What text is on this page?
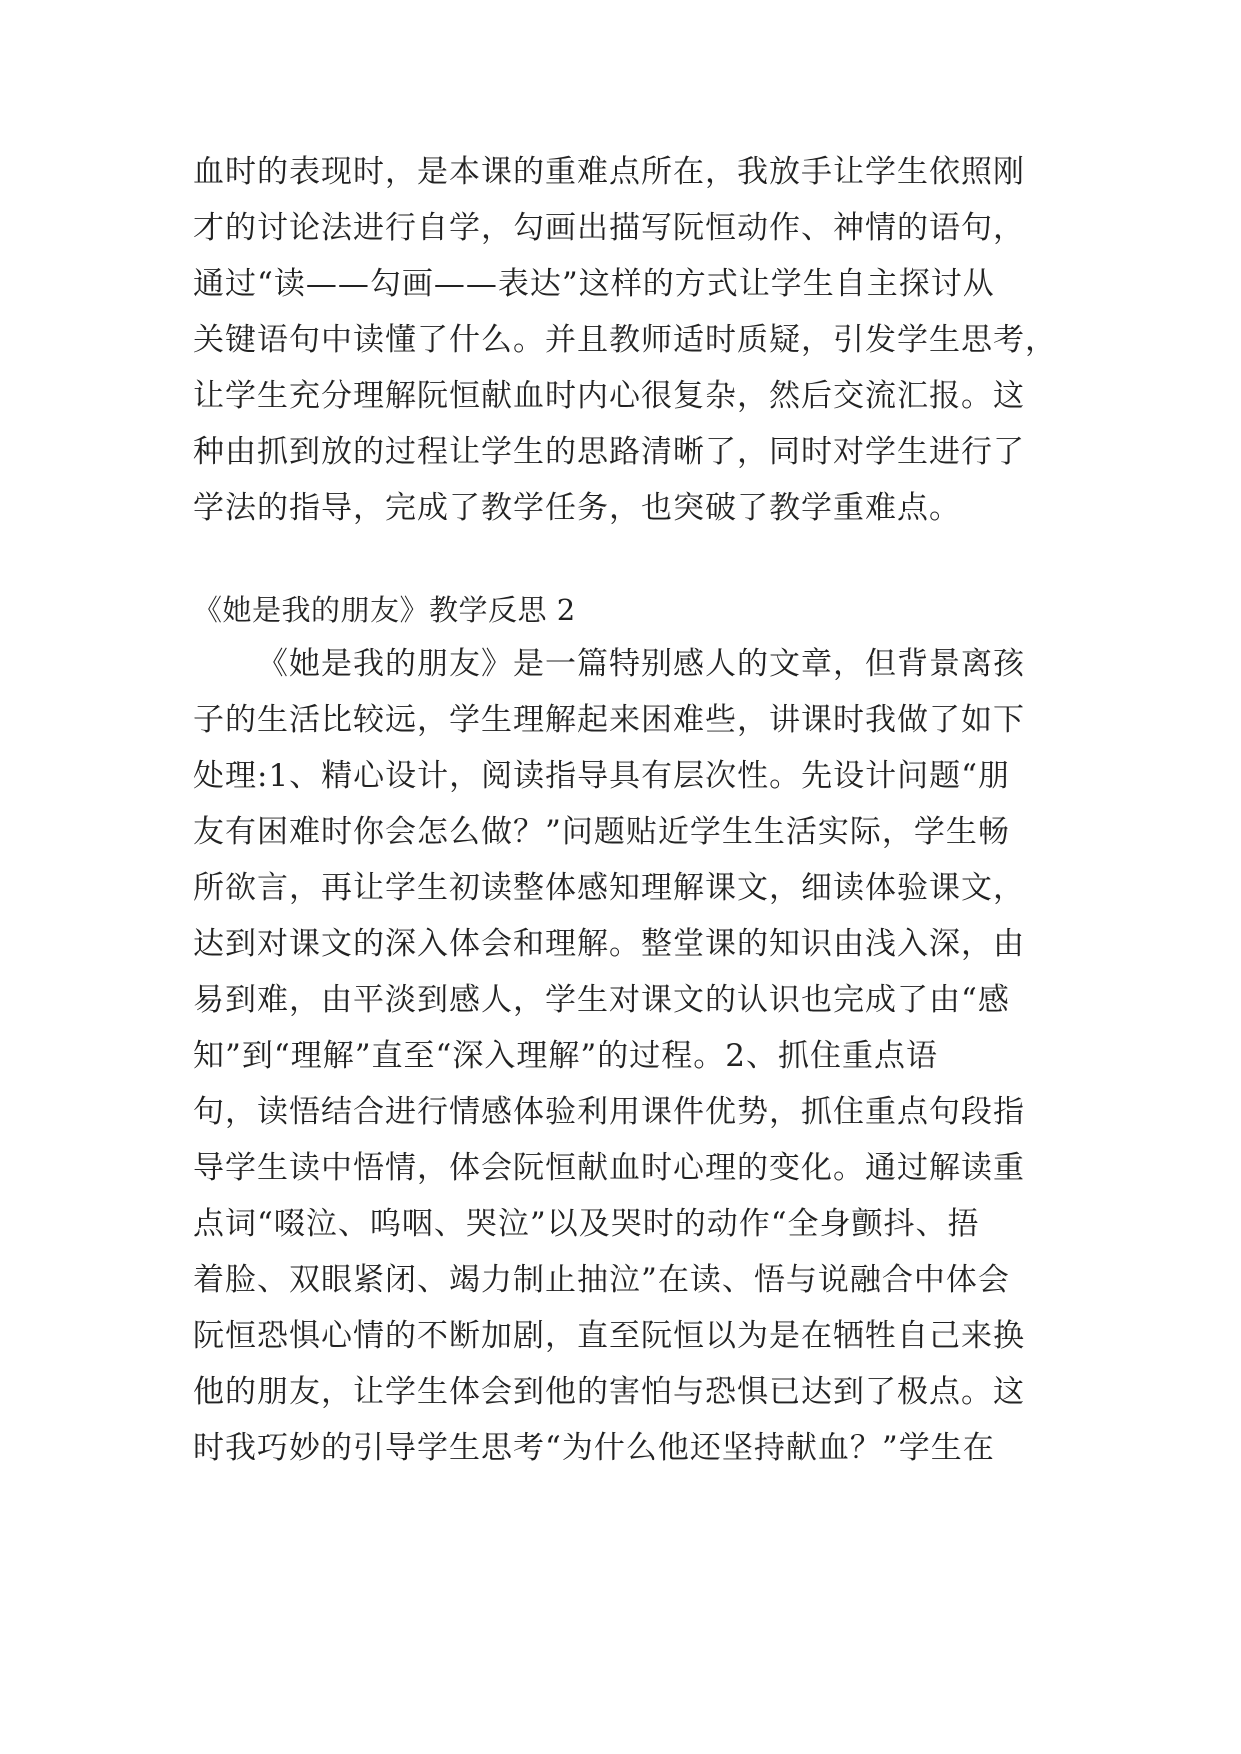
血时的表现时，是本课的重难点所在，我放手让学生依照刚
才的讨论法进行自学，勾画出描写阮恒动作、神情的语句，
通过“读——勾画——表达”这样的方式让学生自主探讨从
关键语句中读懂了什么。并且教师适时质疑，引发学生思考，
让学生充分理解阮恒献血时内心很复杂，然后交流汇报。这
种由抓到放的过程让学生的思路清晰了，同时对学生进行了
学法的指导，完成了教学任务，也突破了教学重难点。
《她是我的朋友》教学反思 2
《她是我的朋友》是一篇特别感人的文章，但背景离孩
子的生活比较远，学生理解起来困难些，讲课时我做了如下
处理:1、精心设计，阅读指导具有层次性。先设计问题“朋
友有困难时你会怎么做？”问题贴近学生生活实际，学生畅
所欲言，再让学生初读整体感知理解课文，细读体验课文，
达到对课文的深入体会和理解。整堂课的知识由浅入深，由
易到难，由平淡到感人，学生对课文的认识也完成了由“感
知”到“理解”直至“深入理解”的过程。2、抓住重点语
句，读悟结合进行情感体验利用课件优势，抓住重点句段指
导学生读中悟情，体会阮恒献血时心理的变化。通过解读重
点词“啜泣、呜咽、哭泣”以及哭时的动作“全身颤抖、捂
着脸、双眼紧闭、竭力制止抽泣”在读、悟与说融合中体会
阮恒恐惧心情的不断加剧，直至阮恒以为是在牺牲自己来换
他的朋友，让学生体会到他的害怕与恐惧已达到了极点。这
时我巧妙的引导学生思考“为什么他还坚持献血？”学生在
